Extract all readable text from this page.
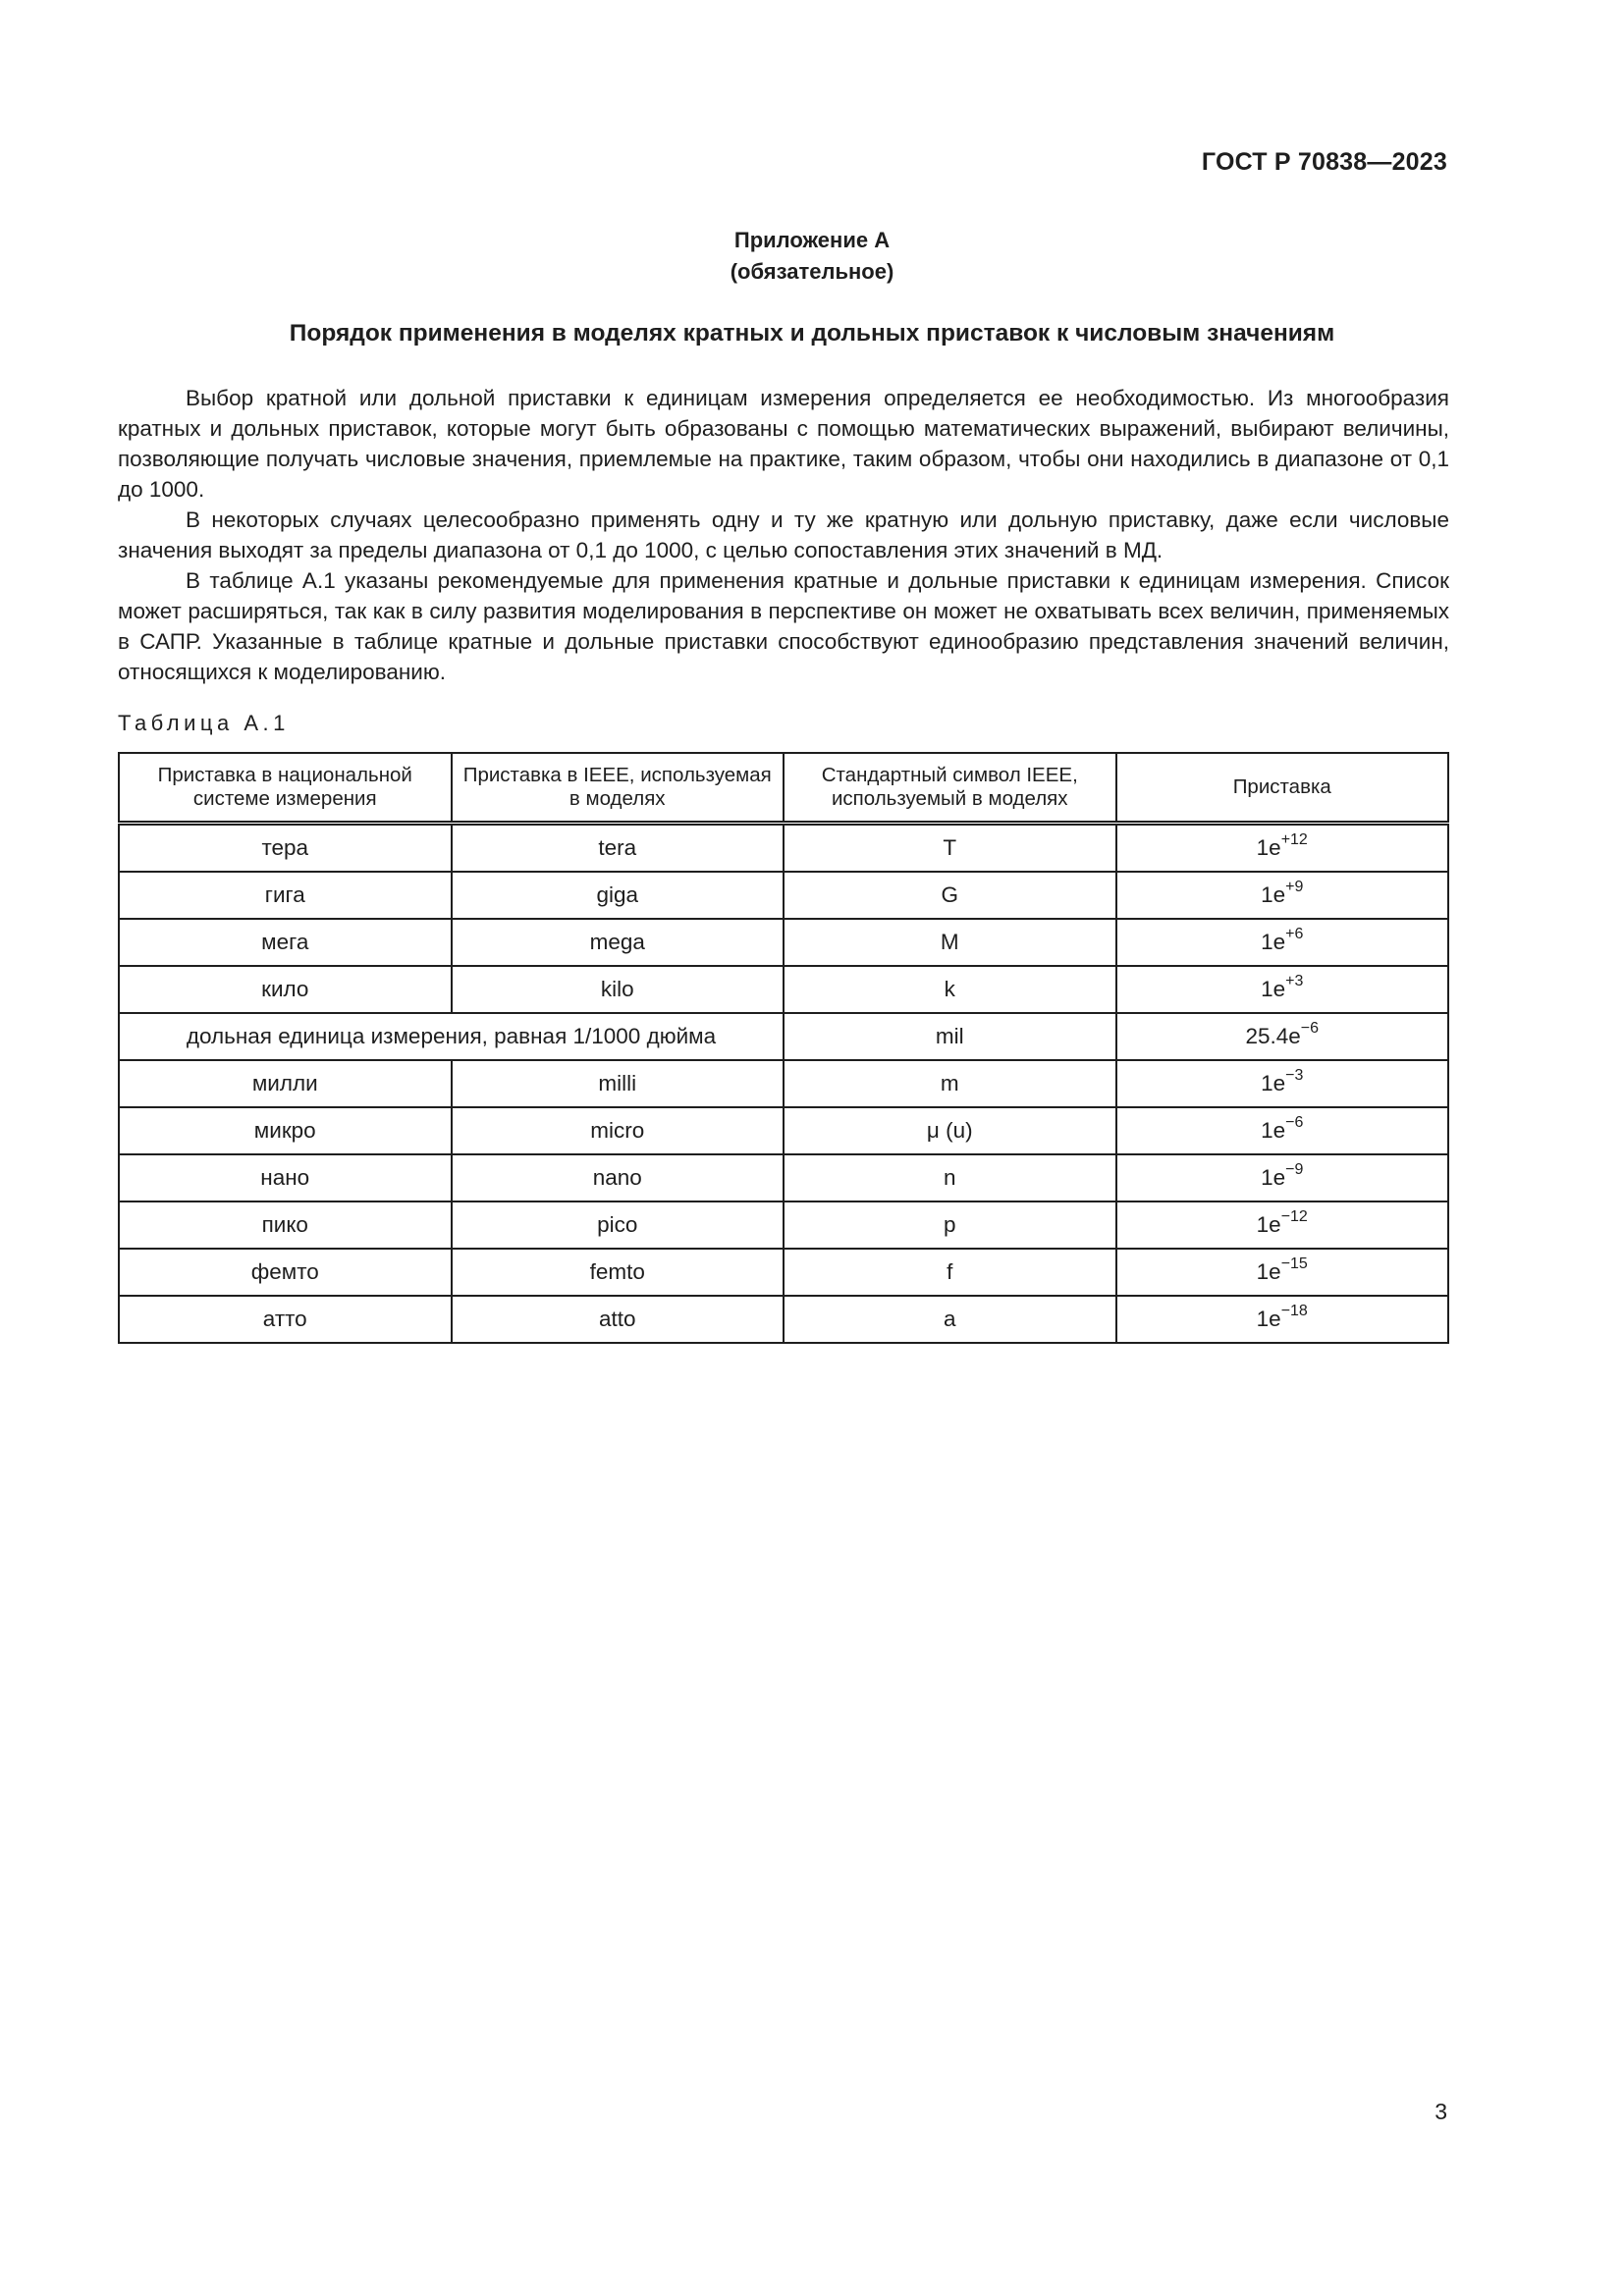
ГОСТ Р 70838—2023
Приложение А
(обязательное)
Порядок применения в моделях кратных и дольных приставок к числовым значениям

Выбор кратной или дольной приставки к единицам измерения определяется ее необходимостью. Из многообразия кратных и дольных приставок, которые могут быть образованы с помощью математических выражений, выбирают величины, позволяющие получать числовые значения, приемлемые на практике, таким образом, чтобы они находились в диапазоне от 0,1 до 1000.

В некоторых случаях целесообразно применять одну и ту же кратную или дольную приставку, даже если числовые значения выходят за пределы диапазона от 0,1 до 1000, с целью сопоставления этих значений в МД.

В таблице А.1 указаны рекомендуемые для применения кратные и дольные приставки к единицам измерения. Список может расширяться, так как в силу развития моделирования в перспективе он может не охватывать всех величин, применяемых в САПР. Указанные в таблице кратные и дольные приставки способствуют единообразию представления значений величин, относящихся к моделированию.

Таблица А.1
Приставка в национальной системе измерения	Приставка в IEEE, используемая в моделях	Стандартный символ IEEE, используемый в моделях	Приставка
тера	tera	T	$1e^{+12}$
гига	giga	G	$1e^{+9}$
мега	mega	M	$1e^{+6}$
кило	kilo	k	$1e^{+3}$
дольная единица измерения, равная 1/1000 дюйма		mil	$25.4e^{-6}$
милли	milli	m	$1e^{-3}$
микро	micro	μ (u)	$1e^{-6}$
нано	nano	n	$1e^{-9}$
пико	pico	p	$1e^{-12}$
фемто	femto	f	$1e^{-15}$
атто	atto	a	$1e^{-18}$
3
